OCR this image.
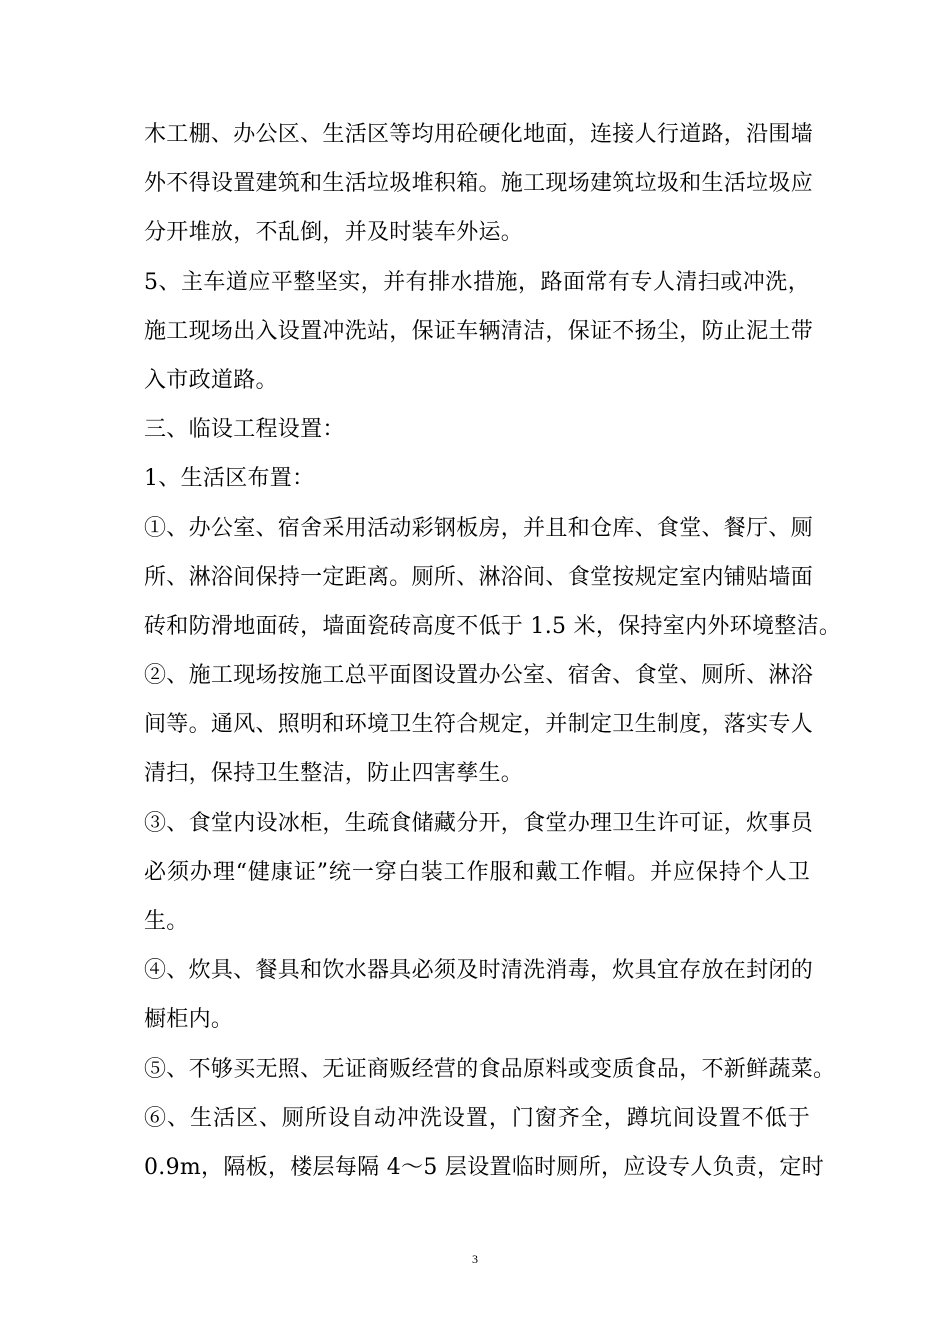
木工棚、办公区、生活区等均用砼硬化地面，连接人行道路，沿围墙
外不得设置建筑和生活垃圾堆积箱。施工现场建筑垃圾和生活垃圾应
分开堆放，不乱倒，并及时装车外运。
5、主车道应平整坚实，并有排水措施，路面常有专人清扫或冲洗，
施工现场出入设置冲洗站，保证车辆清洁，保证不扬尘，防止泥土带
入市政道路。
三、临设工程设置：
1、生活区布置：
①、办公室、宿舍采用活动彩钢板房，并且和仓库、食堂、餐厅、厕
所、淋浴间保持一定距离。厕所、淋浴间、食堂按规定室内铺贴墙面
砖和防滑地面砖，墙面瓷砖高度不低于 1.5 米，保持室内外环境整洁。
②、施工现场按施工总平面图设置办公室、宿舍、食堂、厕所、淋浴
间等。通风、照明和环境卫生符合规定，并制定卫生制度，落实专人
清扫，保持卫生整洁，防止四害孳生。
③、食堂内设冰柜，生疏食储藏分开，食堂办理卫生许可证，炊事员
必须办理“健康证”统一穿白装工作服和戴工作帽。并应保持个人卫
生。
④、炊具、餐具和饮水器具必须及时清洗消毒，炊具宜存放在封闭的
橱柜内。
⑤、不够买无照、无证商贩经营的食品原料或变质食品，不新鲜蔬菜。
⑥、生活区、厕所设自动冲洗设置，门窗齐全，蹲坑间设置不低于
0.9m，隔板，楼层每隔 4～5 层设置临时厕所，应设专人负责，定时
3
